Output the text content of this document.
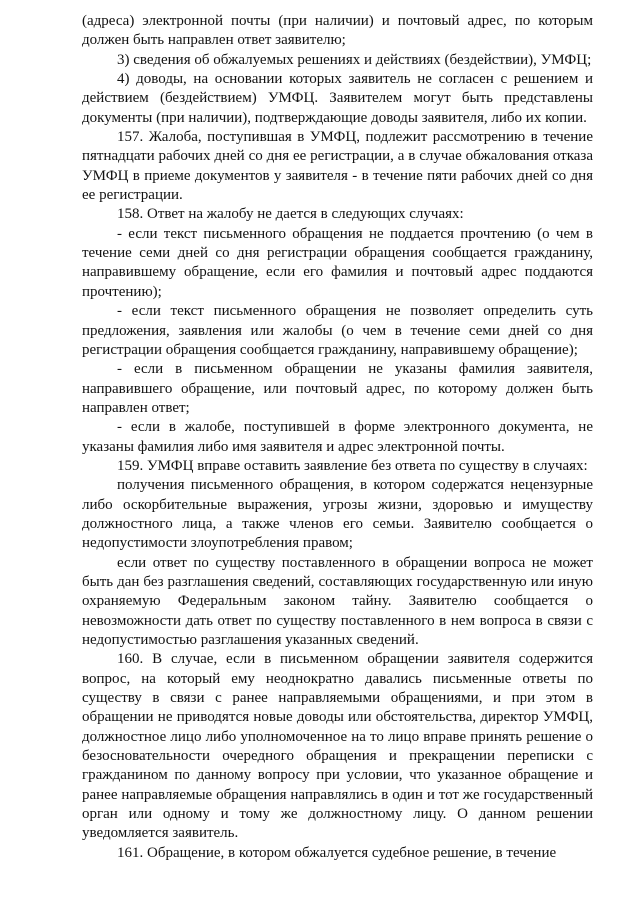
(адреса) электронной почты (при наличии) и почтовый адрес, по которым должен быть направлен ответ заявителю;

3) сведения об обжалуемых решениях и действиях (бездействии), УМФЦ;

4) доводы, на основании которых заявитель не согласен с решением и действием (бездействием) УМФЦ. Заявителем могут быть представлены документы (при наличии), подтверждающие доводы заявителя, либо их копии.

157. Жалоба, поступившая в УМФЦ, подлежит рассмотрению в течение пятнадцати рабочих дней со дня ее регистрации, а в случае обжалования отказа УМФЦ в приеме документов у заявителя - в течение пяти рабочих дней со дня ее регистрации.

158. Ответ на жалобу не дается в следующих случаях:

- если текст письменного обращения не поддается прочтению (о чем в течение семи дней со дня регистрации обращения сообщается гражданину, направившему обращение, если его фамилия и почтовый адрес поддаются прочтению);

- если текст письменного обращения не позволяет определить суть предложения, заявления или жалобы (о чем в течение семи дней со дня регистрации обращения сообщается гражданину, направившему обращение);

- если в письменном обращении не указаны фамилия заявителя, направившего обращение, или почтовый адрес, по которому должен быть направлен ответ;

- если в жалобе, поступившей в форме электронного документа, не указаны фамилия либо имя заявителя и адрес электронной почты.

159. УМФЦ вправе оставить заявление без ответа по существу в случаях:

получения письменного обращения, в котором содержатся нецензурные либо оскорбительные выражения, угрозы жизни, здоровью и имуществу должностного лица, а также членов его семьи. Заявителю сообщается о недопустимости злоупотребления правом;

если ответ по существу поставленного в обращении вопроса не может быть дан без разглашения сведений, составляющих государственную или иную охраняемую Федеральным законом тайну. Заявителю сообщается о невозможности дать ответ по существу поставленного в нем вопроса в связи с недопустимостью разглашения указанных сведений.

160. В случае, если в письменном обращении заявителя содержится вопрос, на который ему неоднократно давались письменные ответы по существу в связи с ранее направляемыми обращениями, и при этом в обращении не приводятся новые доводы или обстоятельства, директор УМФЦ, должностное лицо либо уполномоченное на то лицо вправе принять решение о безосновательности очередного обращения и прекращении переписки с гражданином по данному вопросу при условии, что указанное обращение и ранее направляемые обращения направлялись в один и тот же государственный орган или одному и тому же должностному лицу. О данном решении уведомляется заявитель.

161. Обращение, в котором обжалуется судебное решение, в течение
